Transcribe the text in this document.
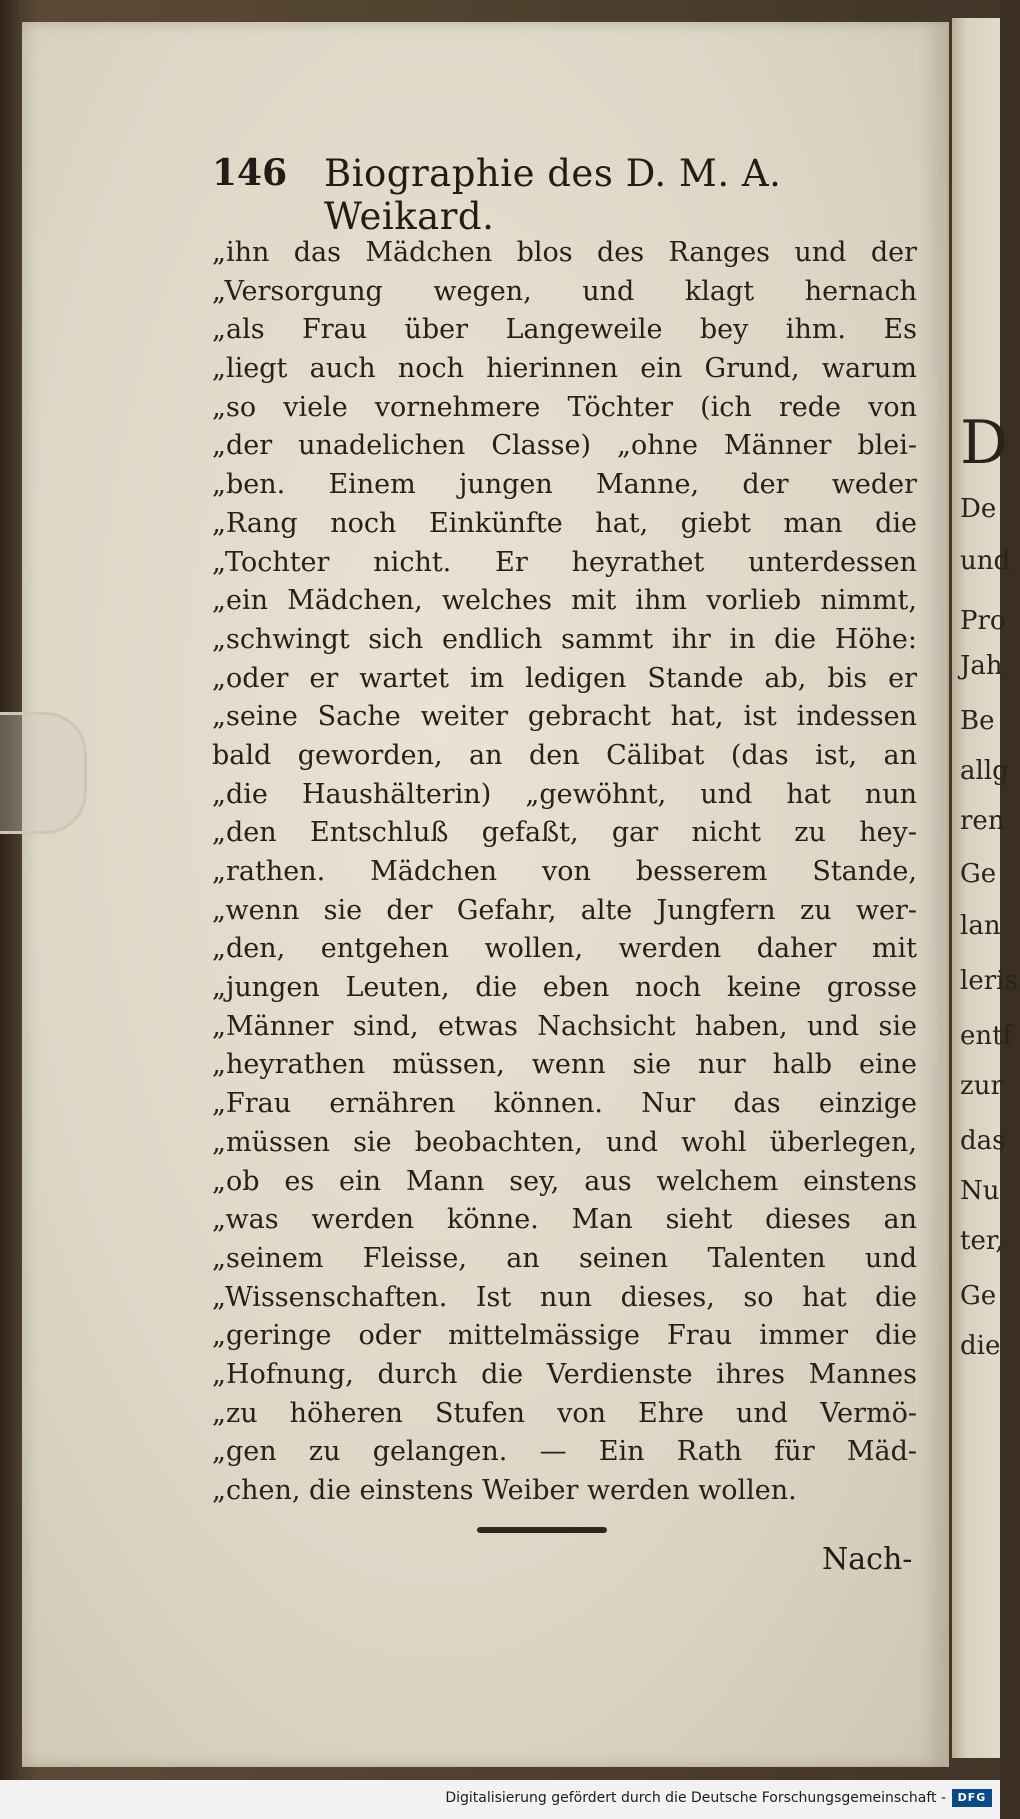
146 Biographie des D. M. A. Weikard.
„ihn das Mädchen blos des Ranges und der
„Versorgung wegen, und klagt hernach
„als Frau über Langeweile bey ihm. Es
„liegt auch noch hierinnen ein Grund, warum
„so viele vornehmere Töchter (ich rede von
„der unadelichen Classe) „ohne Männer blei-
„ben. Einem jungen Manne, der weder
„Rang noch Einkünfte hat, giebt man die
„Tochter nicht. Er heyrathet unterdessen
„ein Mädchen, welches mit ihm vorlieb nimmt,
„schwingt sich endlich sammt ihr in die Höhe:
„oder er wartet im ledigen Stande ab, bis er
„seine Sache weiter gebracht hat, ist indessen
bald geworden, an den Cälibat (das ist, an
„die Haushälterin) „gewöhnt, und hat nun
„den Entschluß gefaßt, gar nicht zu hey-
„rathen. Mädchen von besserem Stande,
„wenn sie der Gefahr, alte Jungfern zu wer-
„den, entgehen wollen, werden daher mit
„jungen Leuten, die eben noch keine grosse
„Männer sind, etwas Nachsicht haben, und sie
„heyrathen müssen, wenn sie nur halb eine
„Frau ernähren können. Nur das einzige
„müssen sie beobachten, und wohl überlegen,
„ob es ein Mann sey, aus welchem einstens
„was werden könne. Man sieht dieses an
„seinem Fleisse, an seinen Talenten und
„Wissenschaften. Ist nun dieses, so hat die
„geringe oder mittelmässige Frau immer die
„Hofnung, durch die Verdienste ihres Mannes
„zu höheren Stufen von Ehre und Vermö-
„gen zu gelangen. — Ein Rath für Mäd-
„chen, die einstens Weiber werden wollen.
Nach-
D
De
und
Pro
Jah
Be
allg
ren
Ge
lan
leris
entf
zur
das
Nu
ter,
Ge
die
Digitalisierung gefördert durch die Deutsche Forschungsgemeinschaft -	DFG
